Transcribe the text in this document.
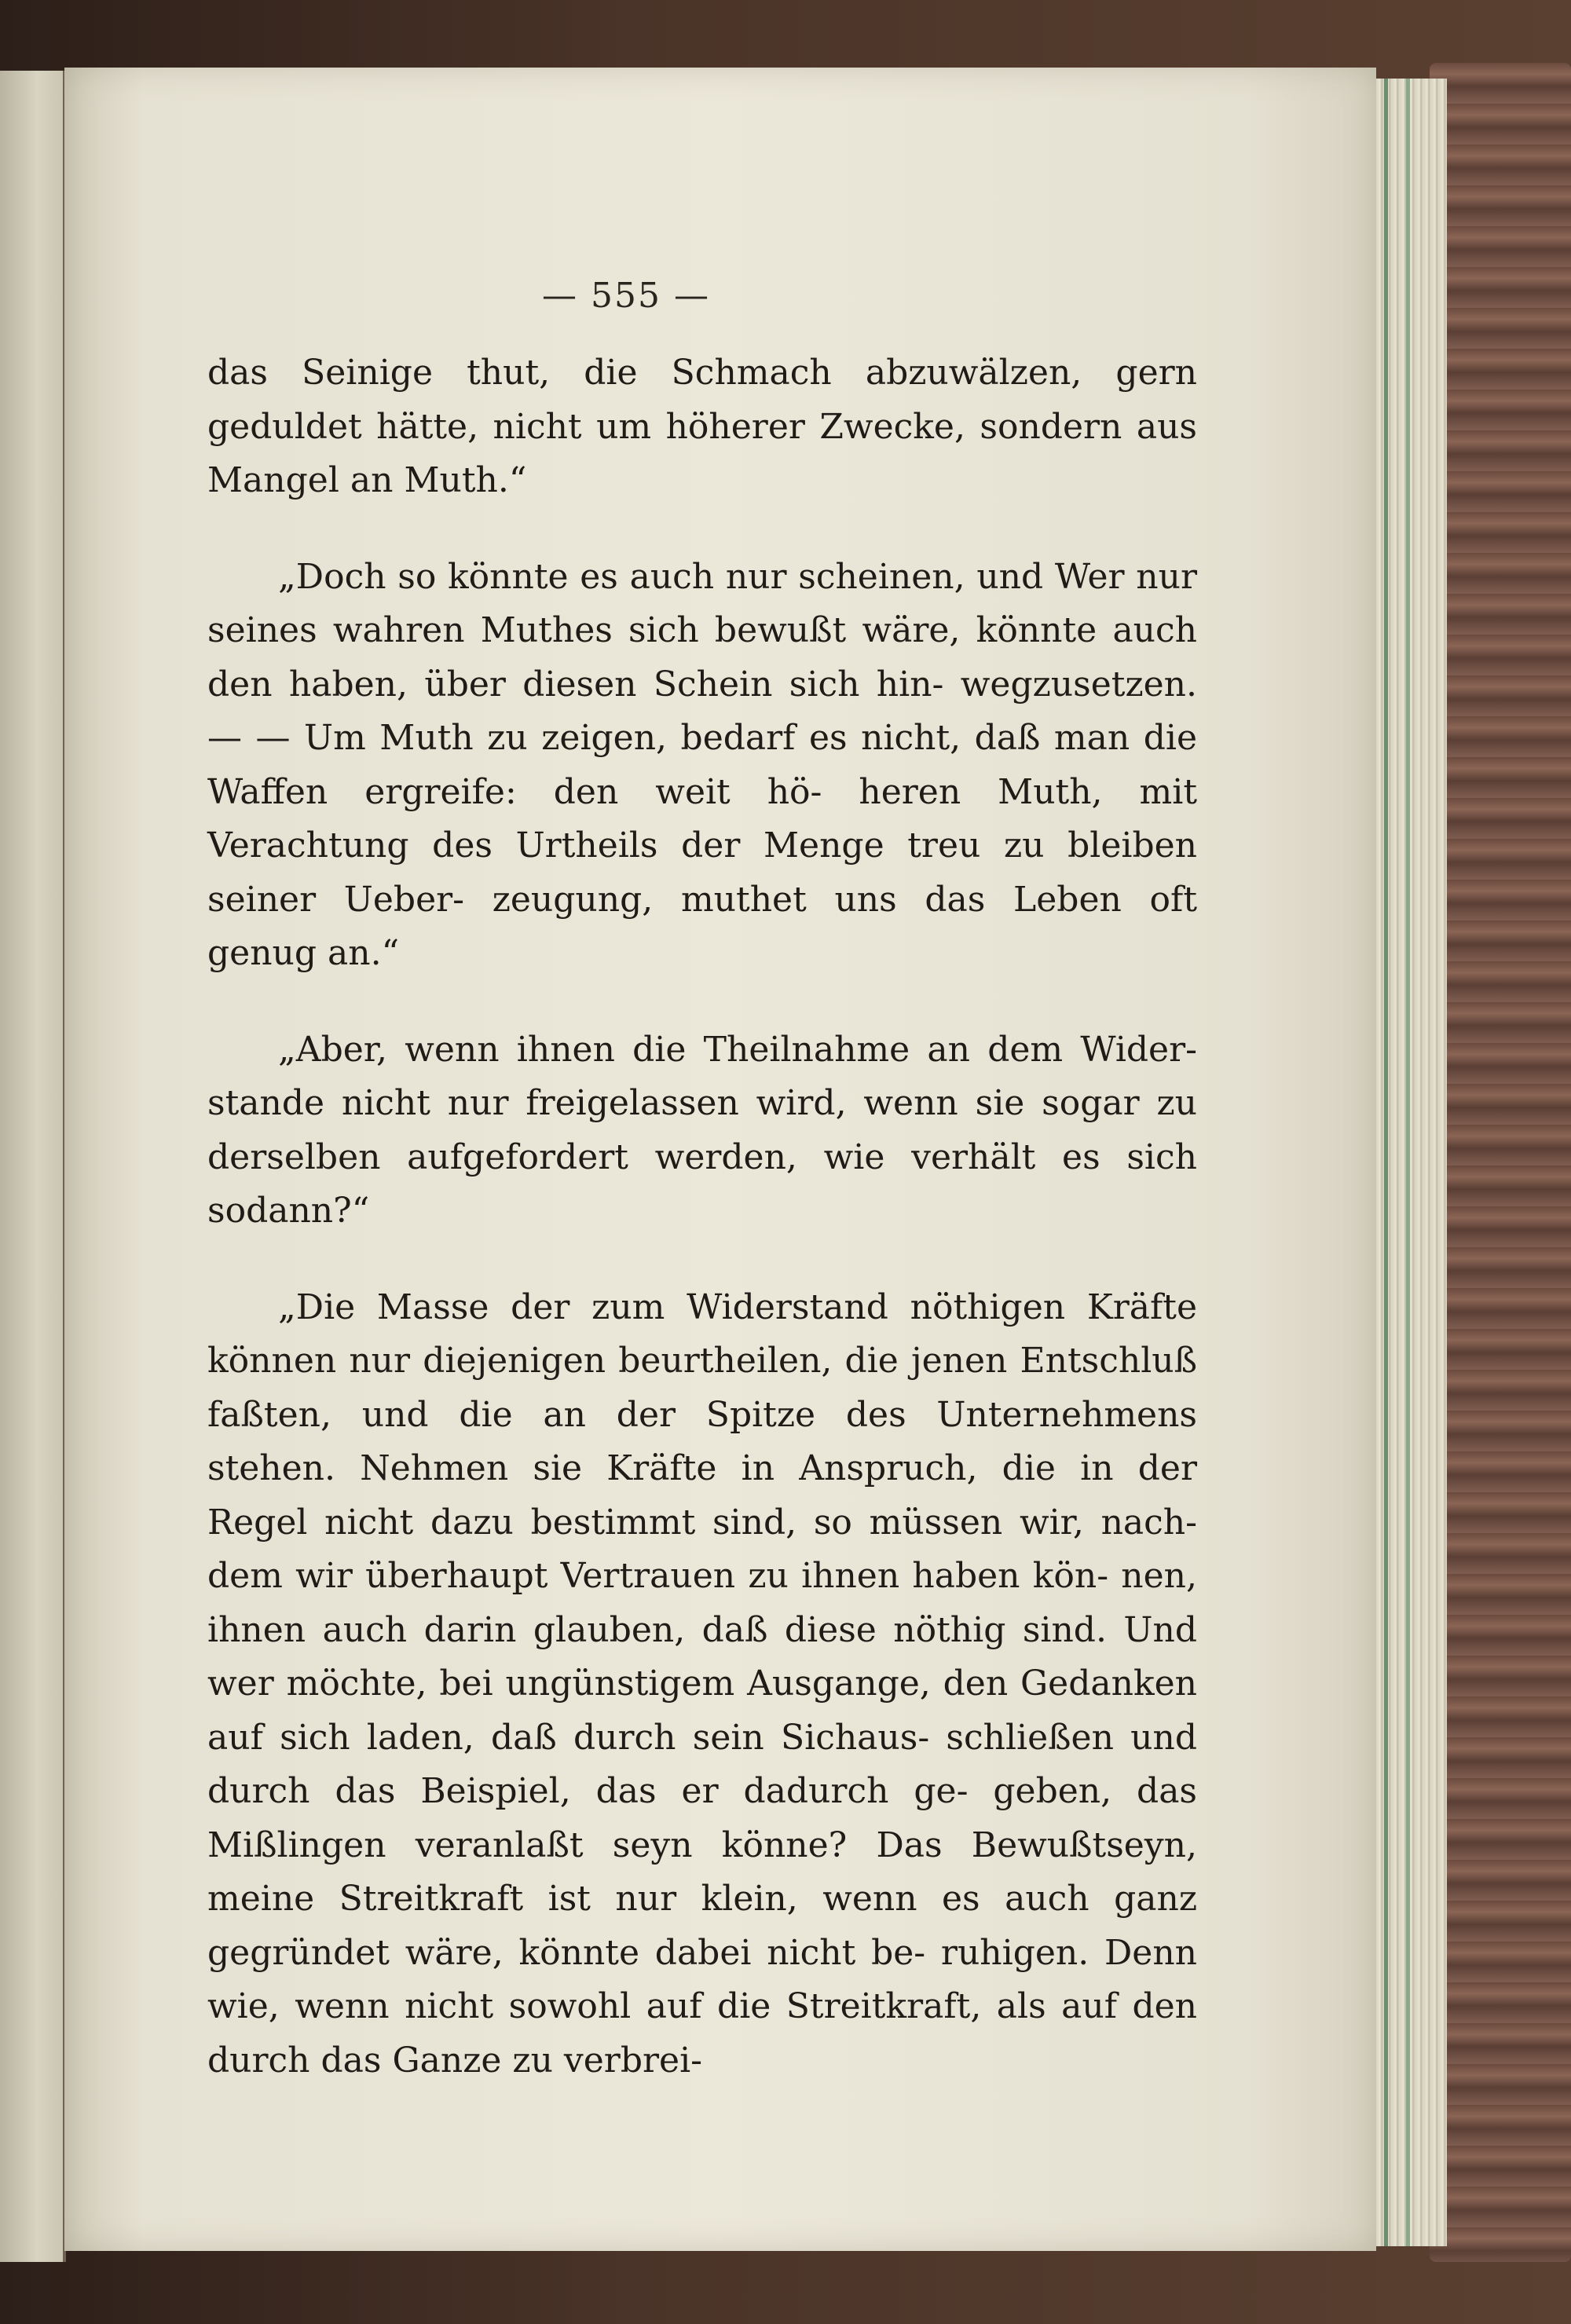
— 555 —

das Seinige thut, die Schmach abzuwälzen, gern geduldet hätte, nicht um höherer Zwecke, sondern aus Mangel an Muth.“

„Doch so könnte es auch nur scheinen, und Wer nur seines wahren Muthes sich bewußt wäre, könnte auch den haben, über diesen Schein sich hin- wegzusetzen. — — Um Muth zu zeigen, bedarf es nicht, daß man die Waffen ergreife: den weit hö- heren Muth, mit Verachtung des Urtheils der Menge treu zu bleiben seiner Ueber- zeugung, muthet uns das Leben oft genug an.“

„Aber, wenn ihnen die Theilnahme an dem Wider- stande nicht nur freigelassen wird, wenn sie sogar zu derselben aufgefordert werden, wie verhält es sich sodann?“

„Die Masse der zum Widerstand nöthigen Kräfte können nur diejenigen beurtheilen, die jenen Entschluß faßten, und die an der Spitze des Unternehmens stehen. Nehmen sie Kräfte in Anspruch, die in der Regel nicht dazu bestimmt sind, so müssen wir, nach- dem wir überhaupt Vertrauen zu ihnen haben kön- nen, ihnen auch darin glauben, daß diese nöthig sind. Und wer möchte, bei ungünstigem Ausgange, den Gedanken auf sich laden, daß durch sein Sichaus- schließen und durch das Beispiel, das er dadurch ge- geben, das Mißlingen veranlaßt seyn könne? Das Bewußtseyn, meine Streitkraft ist nur klein, wenn es auch ganz gegründet wäre, könnte dabei nicht be- ruhigen. Denn wie, wenn nicht sowohl auf die Streitkraft, als auf den durch das Ganze zu verbrei-
